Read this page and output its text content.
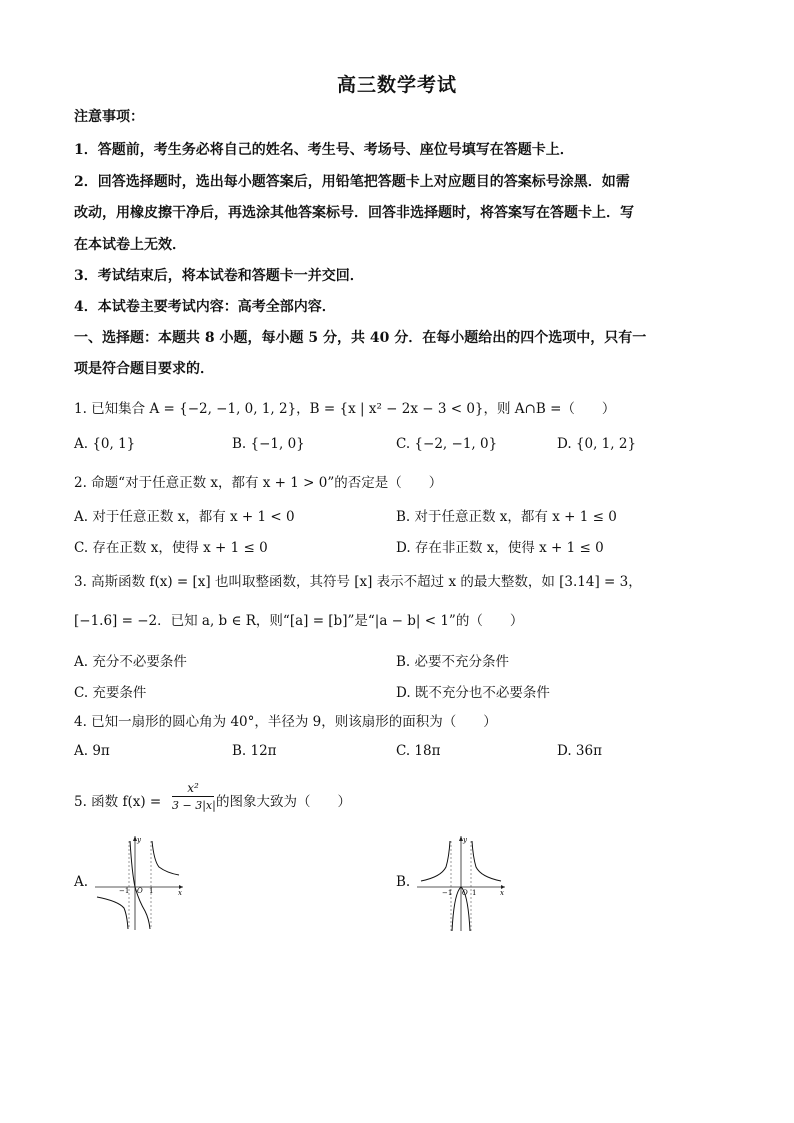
高三数学考试
注意事项：
1．答题前，考生务必将自己的姓名、考生号、考场号、座位号填写在答题卡上．
2．回答选择题时，选出每小题答案后，用铅笔把答题卡上对应题目的答案标号涂黑．如需
改动，用橡皮擦干净后，再选涂其他答案标号．回答非选择题时，将答案写在答题卡上．写
在本试卷上无效．
3．考试结束后，将本试卷和答题卡一并交回．
4．本试卷主要考试内容：高考全部内容．
一、选择题：本题共 8 小题，每小题 5 分，共 40 分．在每小题给出的四个选项中，只有一
项是符合题目要求的．
1. 已知集合 A = {−2, −1, 0, 1, 2}，B = {x | x² − 2x − 3 < 0}，则 A∩B =（　　）
A. {0, 1}	B. {−1, 0}	C. {−2, −1, 0}	D. {0, 1, 2}
2. 命题“对于任意正数 x，都有 x + 1 > 0”的否定是（　　）
A. 对于任意正数 x，都有 x + 1 < 0	B. 对于任意正数 x，都有 x + 1 ≤ 0
C. 存在正数 x，使得 x + 1 ≤ 0	D. 存在非正数 x，使得 x + 1 ≤ 0
3. 高斯函数 f(x) = [x] 也叫取整函数，其符号 [x] 表示不超过 x 的最大整数，如 [3.14] = 3，
[−1.6] = −2．已知 a, b ∈ R，则“[a] = [b]”是“|a − b| < 1”的（　　）
A. 充分不必要条件	B. 必要不充分条件
C. 充要条件	D. 既不充分也不必要条件
4. 已知一扇形的圆心角为 40°，半径为 9，则该扇形的面积为（　　）
A. 9π	B. 12π	C. 18π	D. 36π
5. 函数 $f(x) = \frac{\text{x²}}{3 - 3|x|}$ 的图象大致为（　　）
A.
−1 O 1	x
y
B.
−1 O 1	x
y
